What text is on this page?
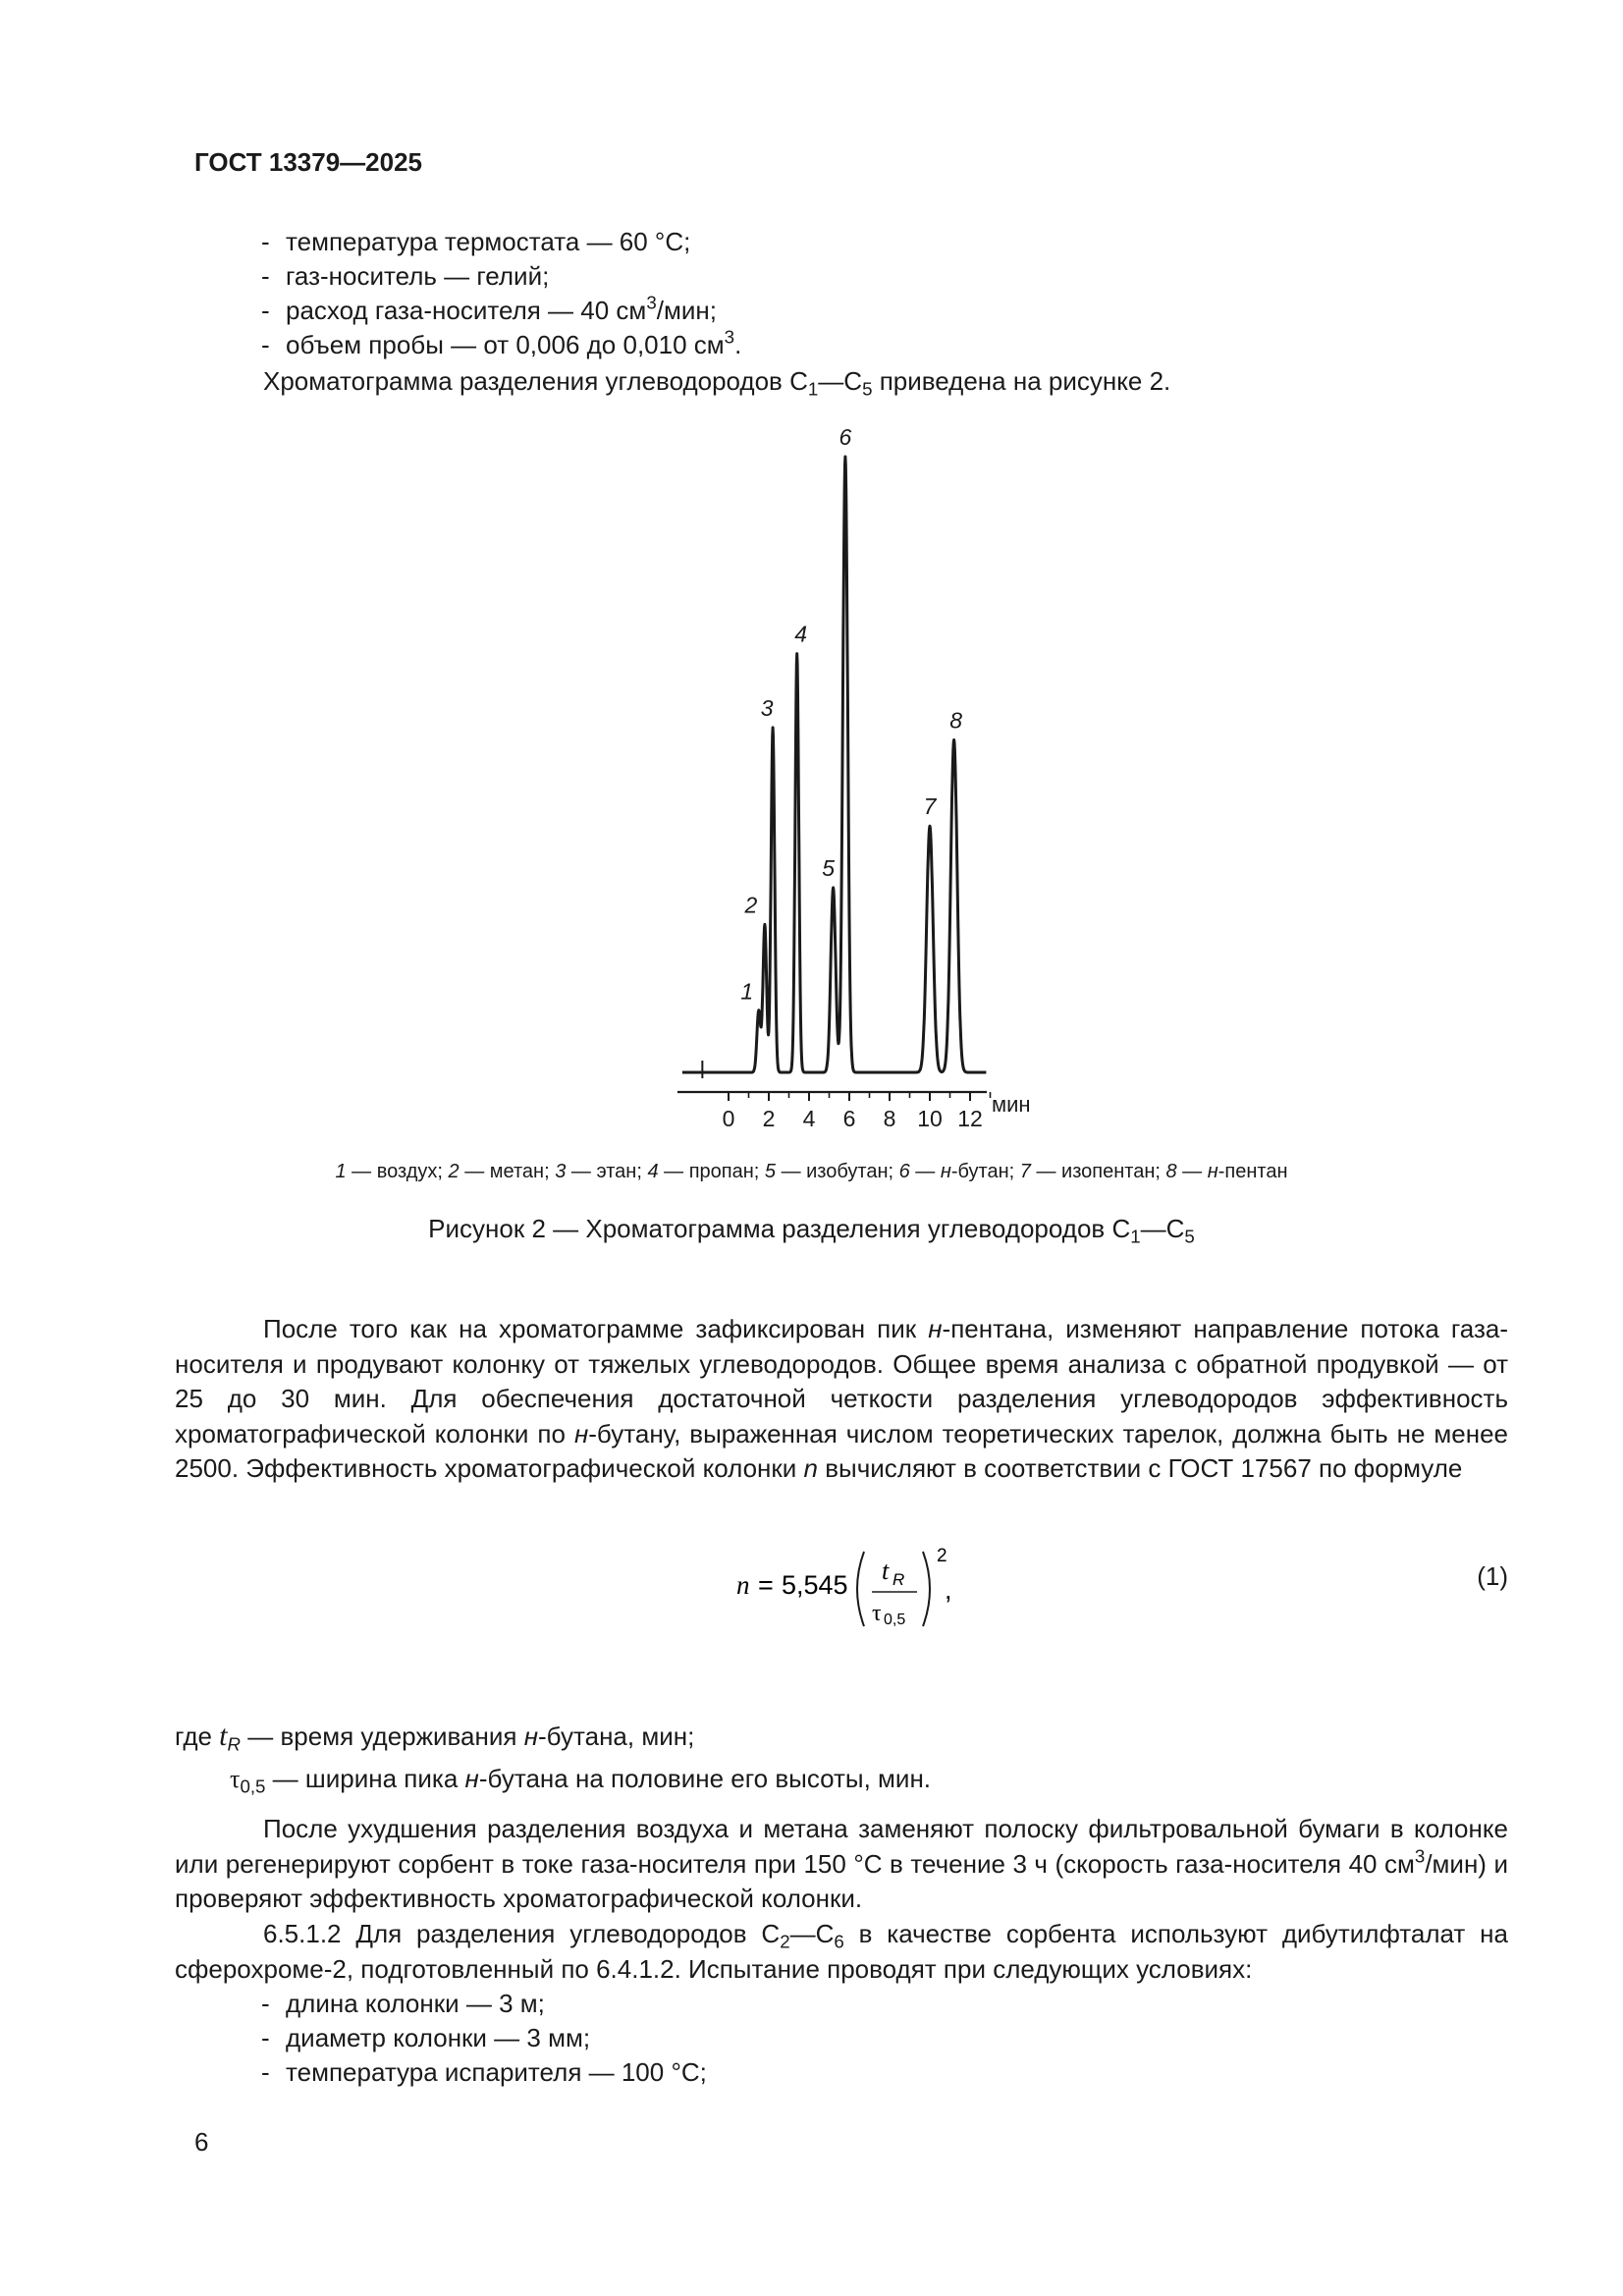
ГОСТ 13379—2025
- температура термостата — 60 °C;
- газ-носитель — гелий;
- расход газа-носителя — 40 $см^3$/мин;
- объем пробы — от 0,006 до 0,010 $см^3$.
Хроматограмма разделения углеводородов $С_1—С_5$ приведена на рисунке 2.
0 2 4 6 8 10 12
мин
1
2
3
4
5
6
7
8
1 — воздух; 2 — метан; 3 — этан; 4 — пропан; 5 — изобутан; 6 — н-бутан; 7 — изопентан; 8 — н-пентан
Рисунок 2 — Хроматограмма разделения углеводородов $С_1—С_5$

После того как на хроматограмме зафиксирован пик н-пентана, изменяют направление потока газа-носителя и продувают колонку от тяжелых углеводородов. Общее время анализа с обратной продувкой — от 25 до 30 мин. Для обеспечения достаточной четкости разделения углеводородов эффективность хроматографической колонки по н-бутану, выраженная числом теоретических тарелок, должна быть не менее 2500. Эффективность хроматографической колонки n вычисляют в соответствии с ГОСТ 17567 по формуле

n = 5,545 t R
τ 0,5
2
,	(1)
где $t_R$ — время удерживания н-бутана, мин;
$\tau_{0,5}$ — ширина пика н-бутана на половине его высоты, мин.

После ухудшения разделения воздуха и метана заменяют полоску фильтровальной бумаги в колонке или регенерируют сорбент в токе газа-носителя при 150 °С в течение 3 ч (скорость газа-носителя 40 $см^3/мин$) и проверяют эффективность хроматографической колонки.

6.5.1.2 Для разделения углеводородов $С_2—С_6$ в качестве сорбента используют дибутилфталат на сферохроме-2, подготовленный по 6.4.1.2. Испытание проводят при следующих условиях:

- длина колонки — 3 м;
- диаметр колонки — 3 мм;
- температура испарителя — 100 °C;
6
